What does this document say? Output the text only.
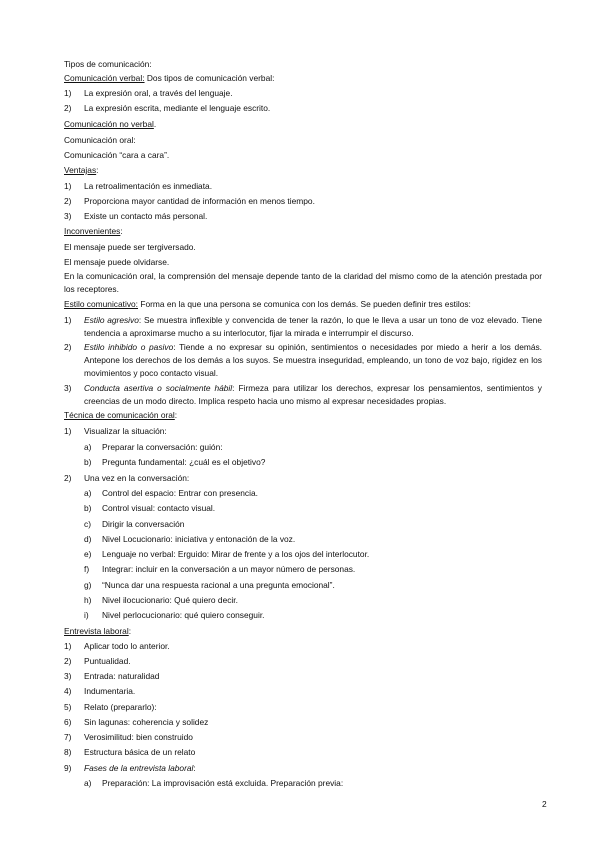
Tipos de comunicación:
Comunicación verbal: Dos tipos de comunicación verbal:
1) La expresión oral, a través del lenguaje.
2) La expresión escrita, mediante el lenguaje escrito.
Comunicación no verbal.
Comunicación oral:
Comunicación “cara a cara”.
Ventajas:
1) La retroalimentación es inmediata.
2) Proporciona mayor cantidad de información en menos tiempo.
3) Existe un contacto más personal.
Inconvenientes:
El mensaje puede ser tergiversado.
El mensaje puede olvidarse.
En la comunicación oral, la comprensión del mensaje depende tanto de la claridad del mismo como de la atención prestada por los receptores.
Estilo comunicativo: Forma en la que una persona se comunica con los demás. Se pueden definir tres estilos:
1) Estilo agresivo: Se muestra inflexible y convencida de tener la razón, lo que le lleva a usar un tono de voz elevado. Tiene tendencia a aproximarse mucho a su interlocutor, fijar la mirada e interrumpir el discurso.
2) Estilo inhibido o pasivo: Tiende a no expresar su opinión, sentimientos o necesidades por miedo a herir a los demás. Antepone los derechos de los demás a los suyos. Se muestra inseguridad, empleando, un tono de voz bajo, rigidez en los movimientos y poco contacto visual.
3) Conducta asertiva o socialmente hábil: Firmeza para utilizar los derechos, expresar los pensamientos, sentimientos y creencias de un modo directo. Implica respeto hacia uno mismo al expresar necesidades propias.
Técnica de comunicación oral:
1) Visualizar la situación:
a) Preparar la conversación: guión:
b) Pregunta fundamental: ¿cuál es el objetivo?
2) Una vez en la conversación:
a) Control del espacio: Entrar con presencia.
b) Control visual: contacto visual.
c) Dirigir la conversación
d) Nivel Locucionario: iniciativa y entonación de la voz.
e) Lenguaje no verbal: Erguido: Mirar de frente y a los ojos del interlocutor.
f) Integrar: incluir en la conversación a un mayor número de personas.
g) “Nunca dar una respuesta racional a una pregunta emocional”.
h) Nivel ilocucionario: Qué quiero decir.
i) Nivel perlocucionario: qué quiero conseguir.
Entrevista laboral:
1) Aplicar todo lo anterior.
2) Puntualidad.
3) Entrada: naturalidad
4) Indumentaria.
5) Relato (prepararlo):
6) Sin lagunas: coherencia y solidez
7) Verosimilitud: bien construido
8) Estructura básica de un relato
9) Fases de la entrevista laboral:
a) Preparación: La improvisación está excluida. Preparación previa:
2
